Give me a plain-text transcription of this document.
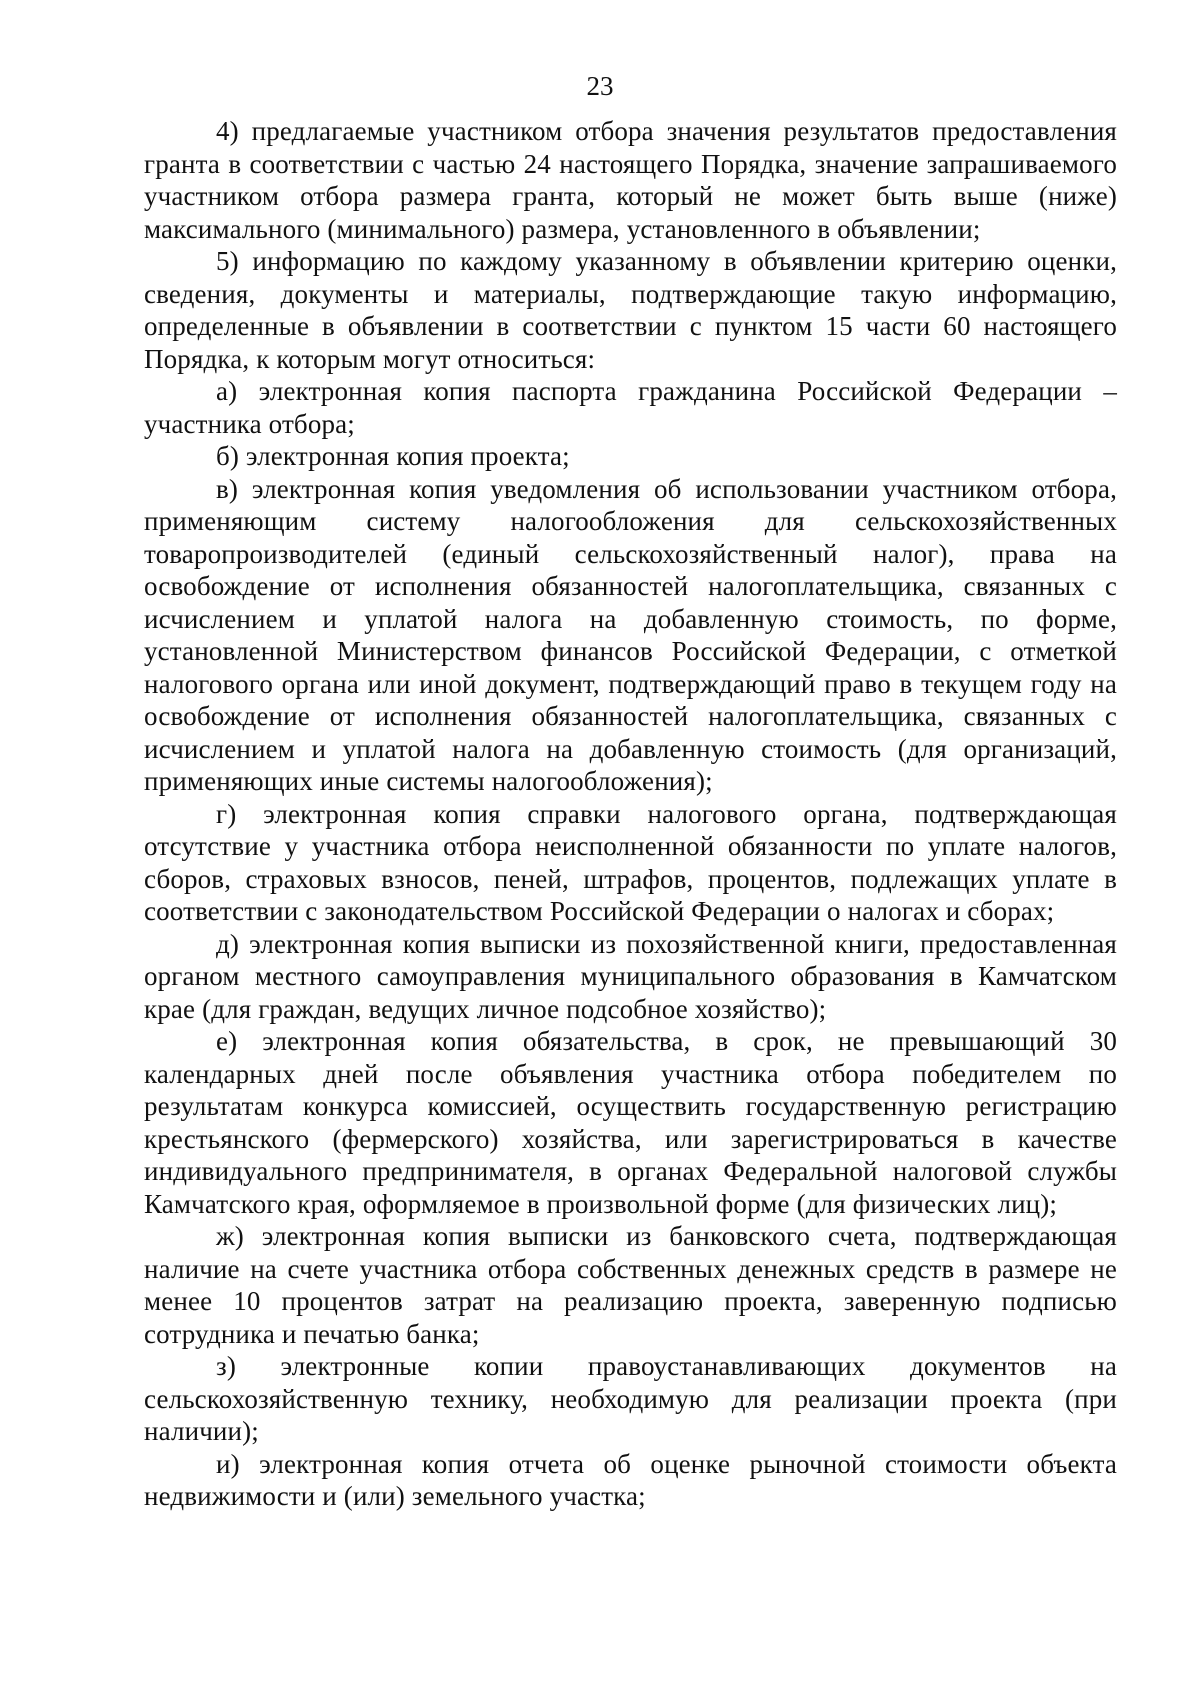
23

4) предлагаемые участником отбора значения результатов предоставления гранта в соответствии с частью 24 настоящего Порядка, значение запрашиваемого участником отбора размера гранта, который не может быть выше (ниже) максимального (минимального) размера, установленного в объявлении;

5) информацию по каждому указанному в объявлении критерию оценки, сведения, документы и материалы, подтверждающие такую информацию, определенные в объявлении в соответствии с пунктом 15 части 60 настоящего Порядка, к которым могут относиться:

а) электронная копия паспорта гражданина Российской Федерации – участника отбора;

б) электронная копия проекта;

в) электронная копия уведомления об использовании участником отбора, применяющим систему налогообложения для сельскохозяйственных товаропроизводителей (единый сельскохозяйственный налог), права на освобождение от исполнения обязанностей налогоплательщика, связанных с исчислением и уплатой налога на добавленную стоимость, по форме, установленной Министерством финансов Российской Федерации, с отметкой налогового органа или иной документ, подтверждающий право в текущем году на освобождение от исполнения обязанностей налогоплательщика, связанных с исчислением и уплатой налога на добавленную стоимость (для организаций, применяющих иные системы налогообложения);

г) электронная копия справки налогового органа, подтверждающая отсутствие у участника отбора неисполненной обязанности по уплате налогов, сборов, страховых взносов, пеней, штрафов, процентов, подлежащих уплате в соответствии с законодательством Российской Федерации о налогах и сборах;

д) электронная копия выписки из похозяйственной книги, предоставленная органом местного самоуправления муниципального образования в Камчатском крае (для граждан, ведущих личное подсобное хозяйство);

е) электронная копия обязательства, в срок, не превышающий 30 календарных дней после объявления участника отбора победителем по результатам конкурса комиссией, осуществить государственную регистрацию крестьянского (фермерского) хозяйства, или зарегистрироваться в качестве индивидуального предпринимателя, в органах Федеральной налоговой службы Камчатского края, оформляемое в произвольной форме (для физических лиц);

ж) электронная копия выписки из банковского счета, подтверждающая наличие на счете участника отбора собственных денежных средств в размере не менее 10 процентов затрат на реализацию проекта, заверенную подписью сотрудника и печатью банка;

з) электронные копии правоустанавливающих документов на сельскохозяйственную технику, необходимую для реализации проекта (при наличии);

и) электронная копия отчета об оценке рыночной стоимости объекта недвижимости и (или) земельного участка;
